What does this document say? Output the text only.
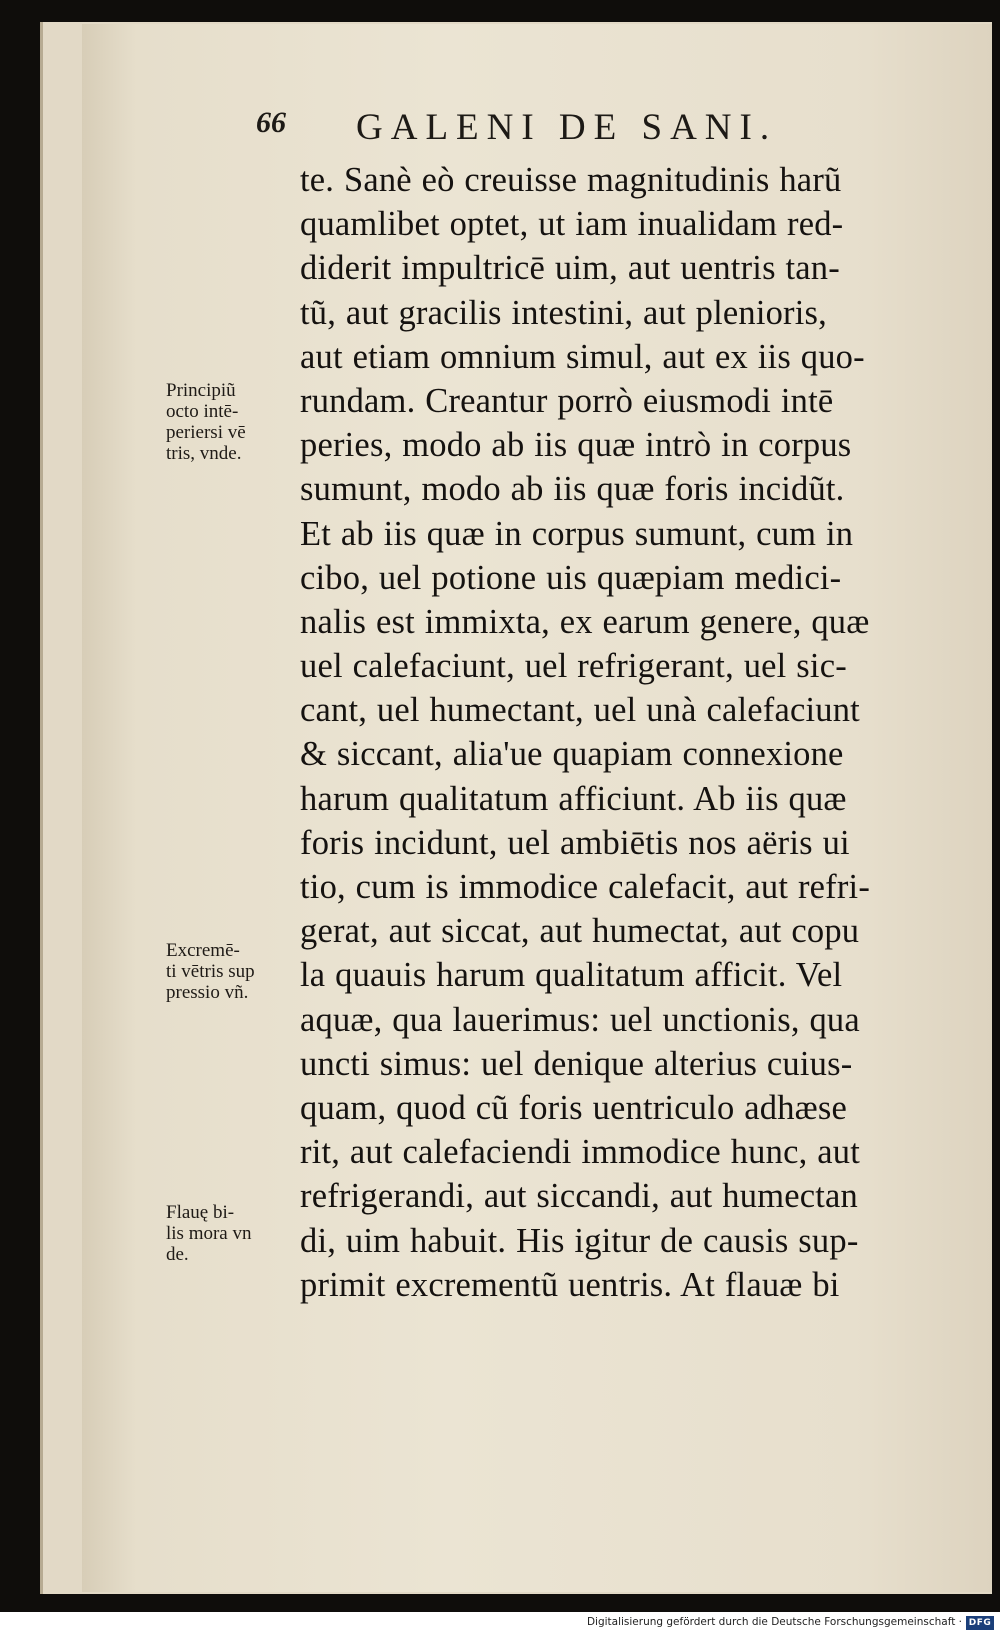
66 GALENI DE SANI.
te. Sanè eò creuisse magnitudinis harũ
quamlibet optet, ut iam inualidam red-
diderit impultricē uim, aut uentris tan-
tũ, aut gracilis intestini, aut plenioris,
aut etiam omnium simul, aut ex iis quo-
rundam. Creantur porrò eiusmodi intē
peries, modo ab iis quæ intrò in corpus
sumunt, modo ab iis quæ foris incidũt.
Et ab iis quæ in corpus sumunt, cum in
cibo, uel potione uis quæpiam medici-
nalis est immixta, ex earum genere, quæ
uel calefaciunt, uel refrigerant, uel sic-
cant, uel humectant, uel unà calefaciunt
& siccant, alia'ue quapiam connexione
harum qualitatum afficiunt. Ab iis quæ
foris incidunt, uel ambiētis nos aëris ui
tio, cum is immodice calefacit, aut refri-
gerat, aut siccat, aut humectat, aut copu
la quauis harum qualitatum afficit. Vel
aquæ, qua lauerimus: uel unctionis, qua
uncti simus: uel denique alterius cuius-
quam, quod cũ foris uentriculo adhæse
rit, aut calefaciendi immodice hunc, aut
refrigerandi, aut siccandi, aut humectan
di, uim habuit. His igitur de causis sup-
primit excrementũ uentris. At flauæ bi
Principiũ
octo intē-
periersi vē
tris, vnde.
Excremē-
ti vētris sup
pressio vñ.
Flauę bi-
lis mora vn
de.
Digitalisierung gefördert durch die Deutsche Forschungsgemeinschaft · DFG
